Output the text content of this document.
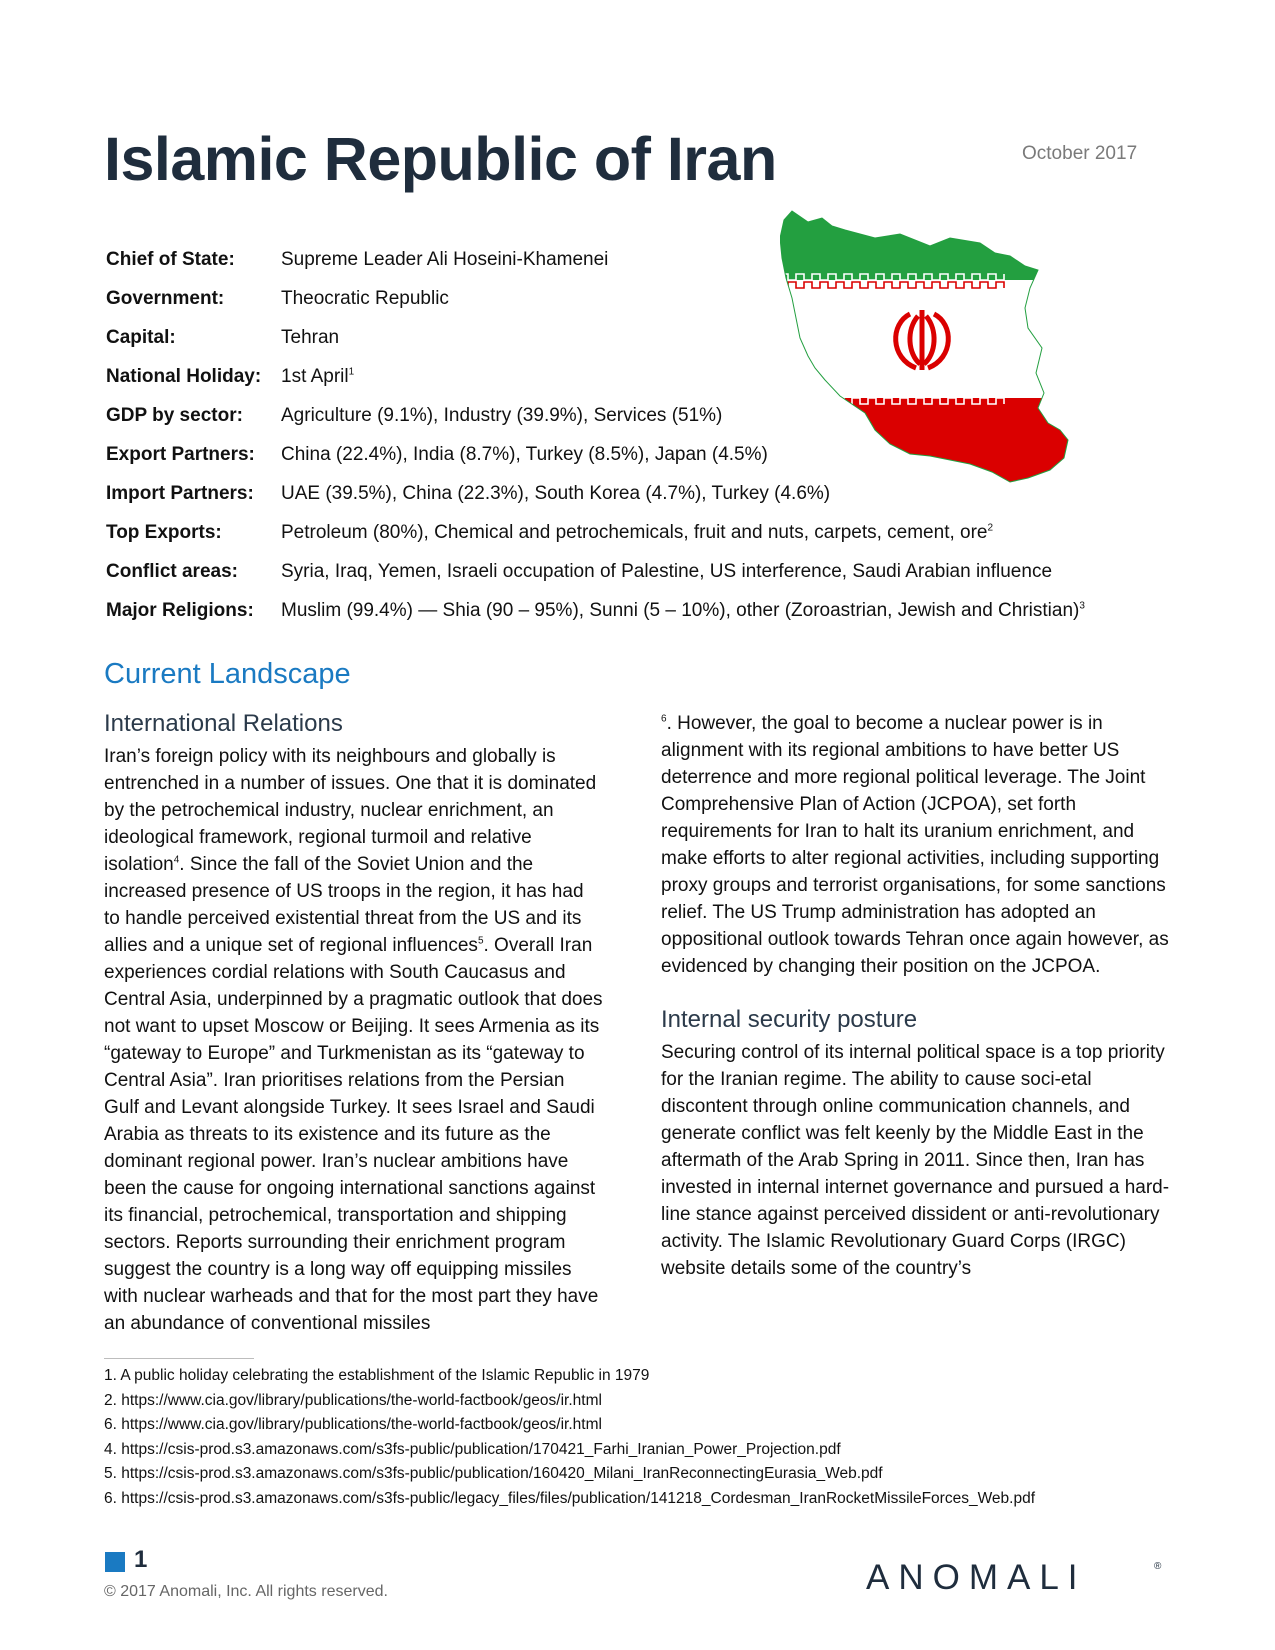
Islamic Republic of Iran	October 2017
Chief of State: Supreme Leader Ali Hoseini-Khamenei
Government:	Theocratic Republic
Capital:	Tehran
National Holiday: 1st April$^1$
GDP by sector: Agriculture (9.1%), Industry (39.9%), Services (51%)
Export Partners: China (22.4%), India (8.7%), Turkey (8.5%), Japan (4.5%)
Import Partners: UAE (39.5%), China (22.3%), South Korea (4.7%), Turkey (4.6%)
Top Exports:	Petroleum (80%), Chemical and petrochemicals, fruit and nuts, carpets, cement, ore$^2$
Conflict areas: Syria, Iraq, Yemen, Israeli occupation of Palestine, US interference, Saudi Arabian influence
Major Religions: Muslim (99.4%) — Shia (90 – 95%), Sunni (5 – 10%), other (Zoroastrian, Jewish and Christian)$^3$
Current Landscape
International Relations

Iran’s foreign policy with its neighbours and globally is entrenched in a number of issues. One that it is dominated by the petrochemical industry, nuclear enrichment, an ideological framework, regional turmoil and relative isolation$^4$. Since the fall of the Soviet Union and the increased presence of US troops in the region, it has had to handle perceived existential threat from the US and its allies and a unique set of regional influences$^5$. Overall Iran experiences cordial relations with South Caucasus and Central Asia, underpinned by a pragmatic outlook that does not want to upset Moscow or Beijing. It sees Armenia as its “gateway to Europe” and Turkmenistan as its “gateway to Central Asia”. Iran prioritises relations from the Persian Gulf and Levant alongside Turkey. It sees Israel and Saudi Arabia as threats to its existence and its future as the dominant regional power. Iran’s nuclear ambitions have been the cause for ongoing international sanctions against its financial, petrochemical, transportation and shipping sectors. Reports surrounding their enrichment program suggest the country is a long way off equipping missiles with nuclear warheads and that for the most part they have an abundance of conventional missiles

$^6$. However, the goal to become a nuclear power is in alignment with its regional ambitions to have better US deterrence and more regional political leverage. The Joint Comprehensive Plan of Action (JCPOA), set forth requirements for Iran to halt its uranium enrichment, and make efforts to alter regional activities, including supporting proxy groups and terrorist organisations, for some sanctions relief. The US Trump administration has adopted an oppositional outlook towards Tehran once again however, as evidenced by changing their position on the JCPOA.

Internal security posture

Securing control of its internal political space is a top priority for the Iranian regime. The ability to cause soci-etal discontent through online communication channels, and generate conflict was felt keenly by the Middle East in the aftermath of the Arab Spring in 2011. Since then, Iran has invested in internal internet governance and pursued a hard-line stance against perceived dissident or anti-revolutionary activity. The Islamic Revolutionary Guard Corps (IRGC) website details some of the country’s

1. A public holiday celebrating the establishment of the Islamic Republic in 1979
2. https://www.cia.gov/library/publications/the-world-factbook/geos/ir.html
6. https://www.cia.gov/library/publications/the-world-factbook/geos/ir.html
4. https://csis-prod.s3.amazonaws.com/s3fs-public/publication/170421_Farhi_Iranian_Power_Projection.pdf
5. https://csis-prod.s3.amazonaws.com/s3fs-public/publication/160420_Milani_IranReconnectingEurasia_Web.pdf
6. https://csis-prod.s3.amazonaws.com/s3fs-public/legacy_files/files/publication/141218_Cordesman_IranRocketMissileForces_Web.pdf
1
© 2017 Anomali, Inc. All rights reserved.	ANOMALI	®
